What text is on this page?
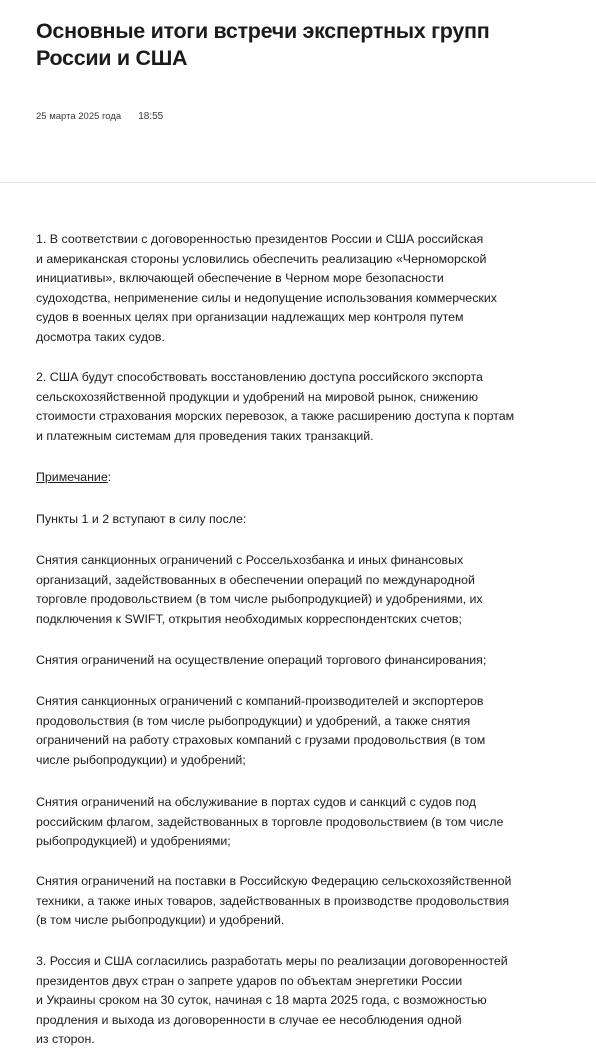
Основные итоги встречи экспертных групп России и США
25 марта 2025 года 18:55

1. В соответствии с договоренностью президентов России и США российская
и американская стороны условились обеспечить реализацию «Черноморской
инициативы», включающей обеспечение в Черном море безопасности
судоходства, неприменение силы и недопущение использования коммерческих
судов в военных целях при организации надлежащих мер контроля путем
досмотра таких судов.

2. США будут способствовать восстановлению доступа российского экспорта
сельскохозяйственной продукции и удобрений на мировой рынок, снижению
стоимости страхования морских перевозок, а также расширению доступа к портам
и платежным системам для проведения таких транзакций.

Примечание:

Пункты 1 и 2 вступают в силу после:

Снятия санкционных ограничений с Россельхозбанка и иных финансовых
организаций, задействованных в обеспечении операций по международной
торговле продовольствием (в том числе рыбопродукцией) и удобрениями, их
подключения к SWIFT, открытия необходимых корреспондентских счетов;

Снятия ограничений на осуществление операций торгового финансирования;

Снятия санкционных ограничений с компаний-производителей и экспортеров
продовольствия (в том числе рыбопродукции) и удобрений, а также снятия
ограничений на работу страховых компаний с грузами продовольствия (в том
числе рыбопродукции) и удобрений;

Снятия ограничений на обслуживание в портах судов и санкций с судов под
российским флагом, задействованных в торговле продовольствием (в том числе
рыбопродукцией) и удобрениями;

Снятия ограничений на поставки в Российскую Федерацию сельскохозяйственной
техники, а также иных товаров, задействованных в производстве продовольствия
(в том числе рыбопродукции) и удобрений.

3. Россия и США согласились разработать меры по реализации договоренностей
президентов двух стран о запрете ударов по объектам энергетики России
и Украины сроком на 30 суток, начиная с 18 марта 2025 года, с возможностью
продления и выхода из договоренности в случае ее несоблюдения одной
из сторон.
